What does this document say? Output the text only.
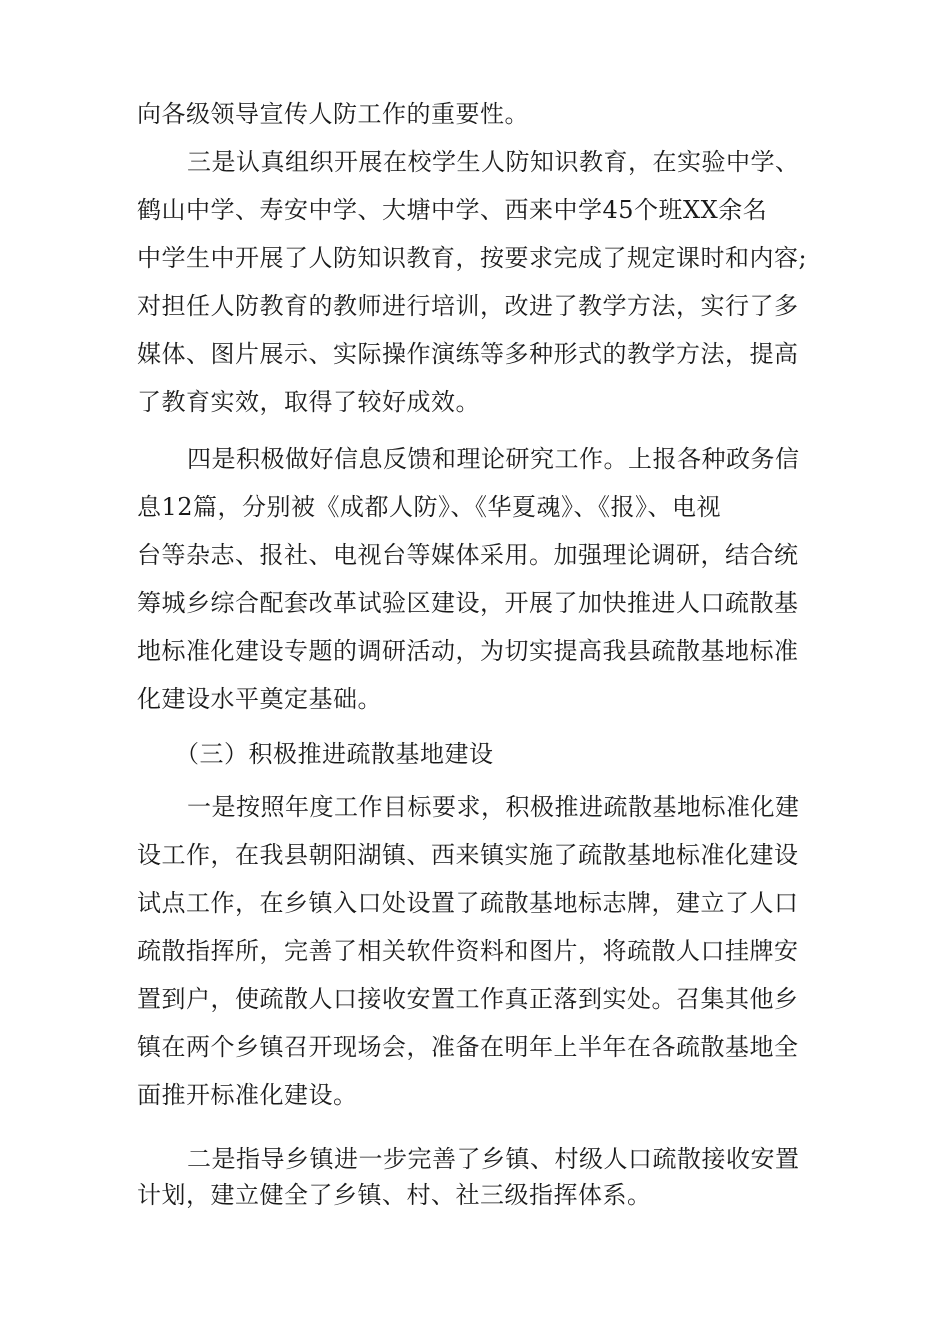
向各级领导宣传人防工作的重要性。
三是认真组织开展在校学生人防知识教育，在实验中学、
鹤山中学、寿安中学、大塘中学、西来中学45个班XX余名
中学生中开展了人防知识教育，按要求完成了规定课时和内容;
对担任人防教育的教师进行培训，改进了教学方法，实行了多
媒体、图片展示、实际操作演练等多种形式的教学方法，提高
了教育实效，取得了较好成效。
四是积极做好信息反馈和理论研究工作。上报各种政务信
息12篇，分别被《成都人防》、《华夏魂》、《报》、电视
台等杂志、报社、电视台等媒体采用。加强理论调研，结合统
筹城乡综合配套改革试验区建设，开展了加快推进人口疏散基
地标准化建设专题的调研活动，为切实提高我县疏散基地标准
化建设水平奠定基础。
（三）积极推进疏散基地建设
一是按照年度工作目标要求，积极推进疏散基地标准化建
设工作，在我县朝阳湖镇、西来镇实施了疏散基地标准化建设
试点工作，在乡镇入口处设置了疏散基地标志牌，建立了人口
疏散指挥所，完善了相关软件资料和图片，将疏散人口挂牌安
置到户，使疏散人口接收安置工作真正落到实处。召集其他乡
镇在两个乡镇召开现场会，准备在明年上半年在各疏散基地全
面推开标准化建设。
二是指导乡镇进一步完善了乡镇、村级人口疏散接收安置
计划，建立健全了乡镇、村、社三级指挥体系。
